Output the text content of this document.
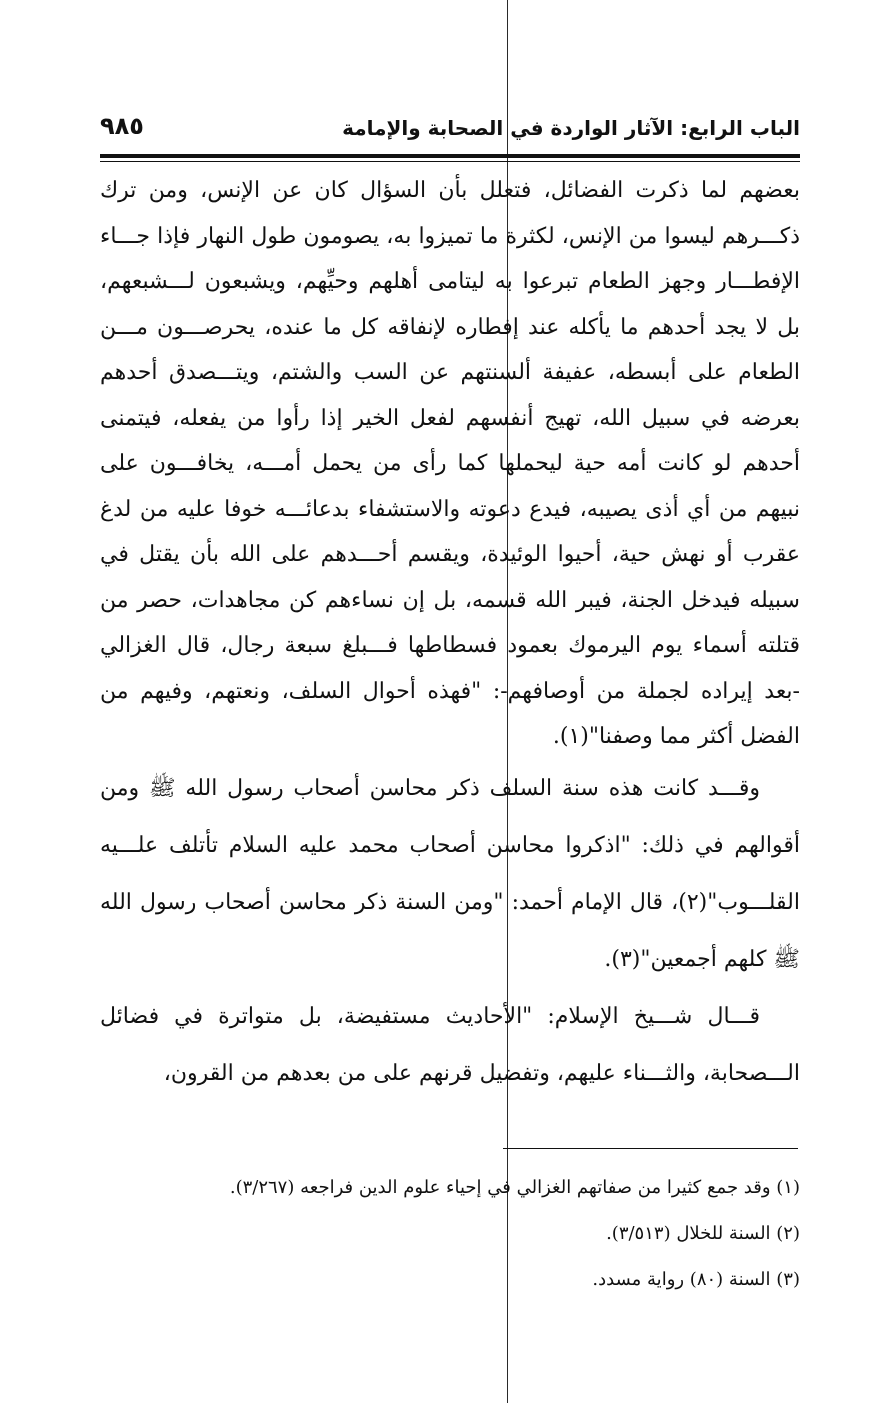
الباب الرابع: الآثار الواردة في الصحابة والإمامة
٩٨٥

بعضهم لما ذكرت الفضائل، فتعلل بأن السؤال كان عن الإنس، ومن ترك ذكـــرهم ليسوا من الإنس، لكثرة ما تميزوا به، يصومون طول النهار فإذا جـــاء الإفطـــار وجهز الطعام تبرعوا به ليتامى أهلهم وحيِّهم، ويشبعون لـــشبعهم، بل لا يجد أحدهم ما يأكله عند إفطاره لإنفاقه كل ما عنده، يحرصـــون مـــن الطعام على أبسطه، عفيفة ألسنتهم عن السب والشتم، ويتـــصدق أحدهم بعرضه في سبيل الله، تهيج أنفسهم لفعل الخير إذا رأوا من يفعله، فيتمنى أحدهم لو كانت أمه حية ليحملها كما رأى من يحمل أمـــه، يخافـــون على نبيهم من أي أذى يصيبه، فيدع دعوته والاستشفاء بدعائـــه خوفا عليه من لدغ عقرب أو نهش حية، أحيوا الوئيدة، ويقسم أحـــدهم على الله بأن يقتل في سبيله فيدخل الجنة، فيبر الله قسمه، بل إن نساءهم كن مجاهدات، حصر من قتلته أسماء يوم اليرموك بعمود فسطاطها فـــبلغ سبعة رجال، قال الغزالي -بعد إيراده لجملة من أوصافهم-: "فهذه أحوال السلف، ونعتهم، وفيهم من الفضل أكثر مما وصفنا"(١).

وقـــد كانت هذه سنة السلف ذكر محاسن أصحاب رسول الله ﷺ ومن أقوالهم في ذلك: "اذكروا محاسن أصحاب محمد عليه السلام تأتلف علـــيه القلـــوب"(٢)، قال الإمام أحمد: "ومن السنة ذكر محاسن أصحاب رسول الله ﷺ كلهم أجمعين"(٣).

قـــال شـــيخ الإسلام: "الأحاديث مستفيضة، بل متواترة في فضائل الـــصحابة، والثـــناء عليهم، وتفضيل قرنهم على من بعدهم من القرون،

(١) وقد جمع كثيرا من صفاتهم الغزالي في إحياء علوم الدين فراجعه (٣/٢٦٧).
(٢) السنة للخلال (٣/٥١٣).
(٣) السنة (٨٠) رواية مسدد.
